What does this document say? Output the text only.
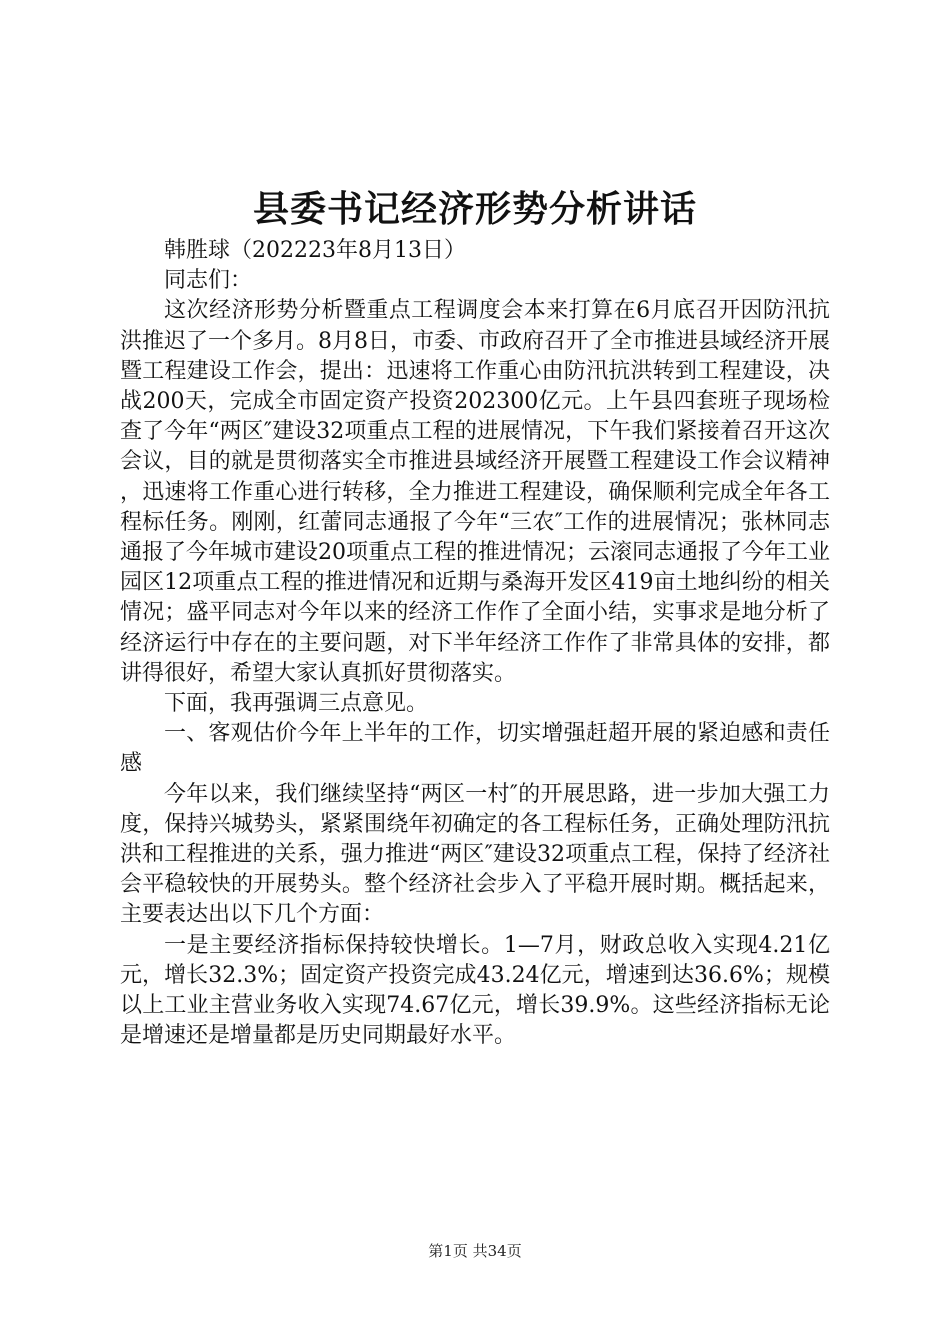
县委书记经济形势分析讲话

韩胜球（202223年8月13日）

同志们：

这次经济形势分析暨重点工程调度会本来打算在6月底召开因防汛抗洪推迟了一个多月。8月8日，市委、市政府召开了全市推进县域经济开展暨工程建设工作会，提出：迅速将工作重心由防汛抗洪转到工程建设，决战200天，完成全市固定资产投资202300亿元。上午县四套班子现场检查了今年“两区″建设32项重点工程的进展情况，下午我们紧接着召开这次会议，目的就是贯彻落实全市推进县域经济开展暨工程建设工作会议精神，迅速将工作重心进行转移，全力推进工程建设，确保顺利完成全年各工程标任务。刚刚，红蕾同志通报了今年“三农″工作的进展情况；张林同志通报了今年城市建设20项重点工程的推进情况；云滚同志通报了今年工业园区12项重点工程的推进情况和近期与桑海开发区419亩土地纠纷的相关情况；盛平同志对今年以来的经济工作作了全面小结，实事求是地分析了经济运行中存在的主要问题，对下半年经济工作作了非常具体的安排，都讲得很好，希望大家认真抓好贯彻落实。

下面，我再强调三点意见。

一、客观估价今年上半年的工作，切实增强赶超开展的紧迫感和责任感

今年以来，我们继续坚持“两区一村″的开展思路，进一步加大强工力度，保持兴城势头，紧紧围绕年初确定的各工程标任务，正确处理防汛抗洪和工程推进的关系，强力推进“两区″建设32项重点工程，保持了经济社会平稳较快的开展势头。整个经济社会步入了平稳开展时期。概括起来，主要表达出以下几个方面：

一是主要经济指标保持较快增长。1—7月，财政总收入实现4.21亿元，增长32.3%；固定资产投资完成43.24亿元，增速到达36.6%；规模以上工业主营业务收入实现74.67亿元，增长39.9%。这些经济指标无论是增速还是增量都是历史同期最好水平。

第1页 共34页
